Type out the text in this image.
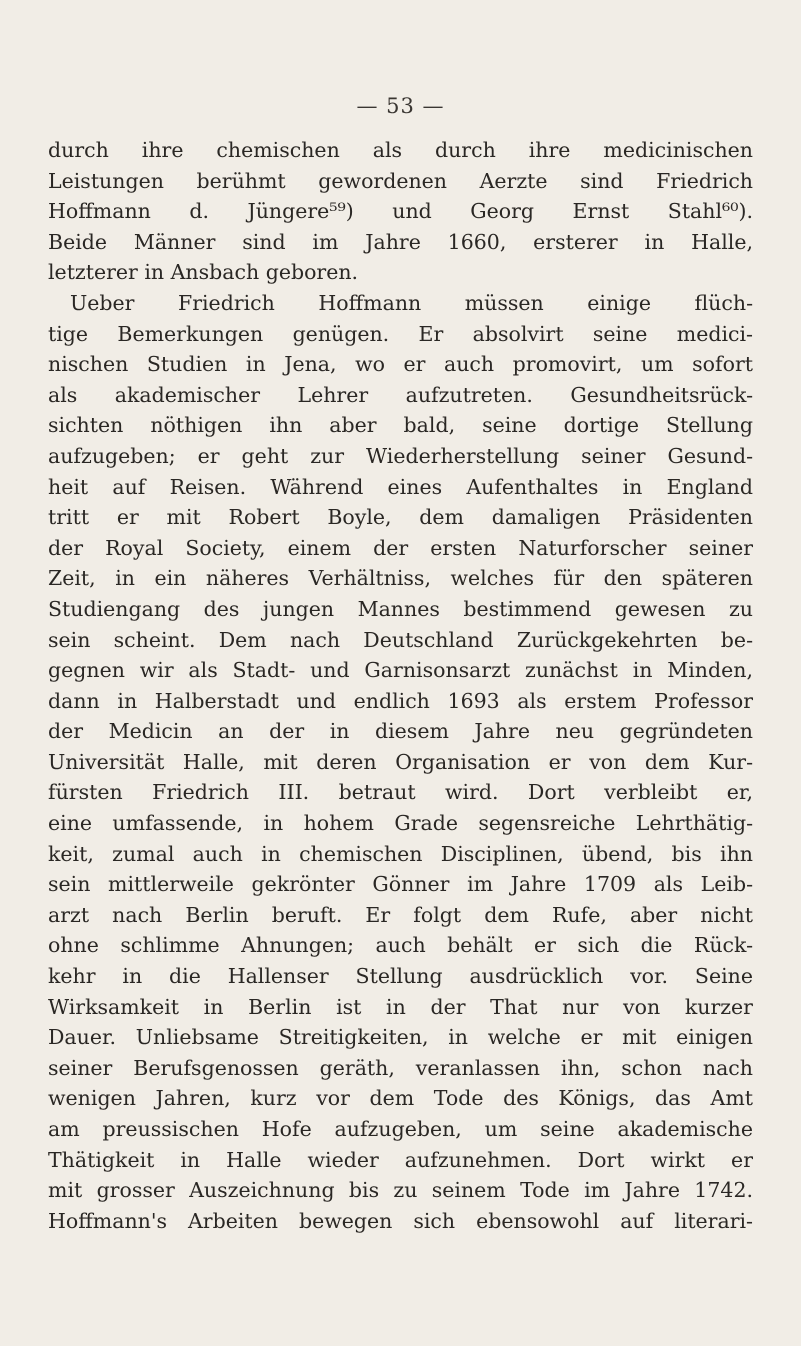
— 53 —
durch ihre chemischen als durch ihre medicinischen
Leistungen berühmt gewordenen Aerzte sind Friedrich
Hoffmann d. Jüngere⁵⁹) und Georg Ernst Stahl⁶⁰).
Beide Männer sind im Jahre 1660, ersterer in Halle,
letzterer in Ansbach geboren.
Ueber Friedrich Hoffmann müssen einige flüch-
tige Bemerkungen genügen. Er absolvirt seine medici-
nischen Studien in Jena, wo er auch promovirt, um sofort
als akademischer Lehrer aufzutreten. Gesundheitsrück-
sichten nöthigen ihn aber bald, seine dortige Stellung
aufzugeben; er geht zur Wiederherstellung seiner Gesund-
heit auf Reisen. Während eines Aufenthaltes in England
tritt er mit Robert Boyle, dem damaligen Präsidenten
der Royal Society, einem der ersten Naturforscher seiner
Zeit, in ein näheres Verhältniss, welches für den späteren
Studiengang des jungen Mannes bestimmend gewesen zu
sein scheint. Dem nach Deutschland Zurückgekehrten be-
gegnen wir als Stadt- und Garnisonsarzt zunächst in Minden,
dann in Halberstadt und endlich 1693 als erstem Professor
der Medicin an der in diesem Jahre neu gegründeten
Universität Halle, mit deren Organisation er von dem Kur-
fürsten Friedrich III. betraut wird. Dort verbleibt er,
eine umfassende, in hohem Grade segensreiche Lehrthätig-
keit, zumal auch in chemischen Disciplinen, übend, bis ihn
sein mittlerweile gekrönter Gönner im Jahre 1709 als Leib-
arzt nach Berlin beruft. Er folgt dem Rufe, aber nicht
ohne schlimme Ahnungen; auch behält er sich die Rück-
kehr in die Hallenser Stellung ausdrücklich vor. Seine
Wirksamkeit in Berlin ist in der That nur von kurzer
Dauer. Unliebsame Streitigkeiten, in welche er mit einigen
seiner Berufsgenossen geräth, veranlassen ihn, schon nach
wenigen Jahren, kurz vor dem Tode des Königs, das Amt
am preussischen Hofe aufzugeben, um seine akademische
Thätigkeit in Halle wieder aufzunehmen. Dort wirkt er
mit grosser Auszeichnung bis zu seinem Tode im Jahre 1742.
Hoffmann's Arbeiten bewegen sich ebensowohl auf literari-
